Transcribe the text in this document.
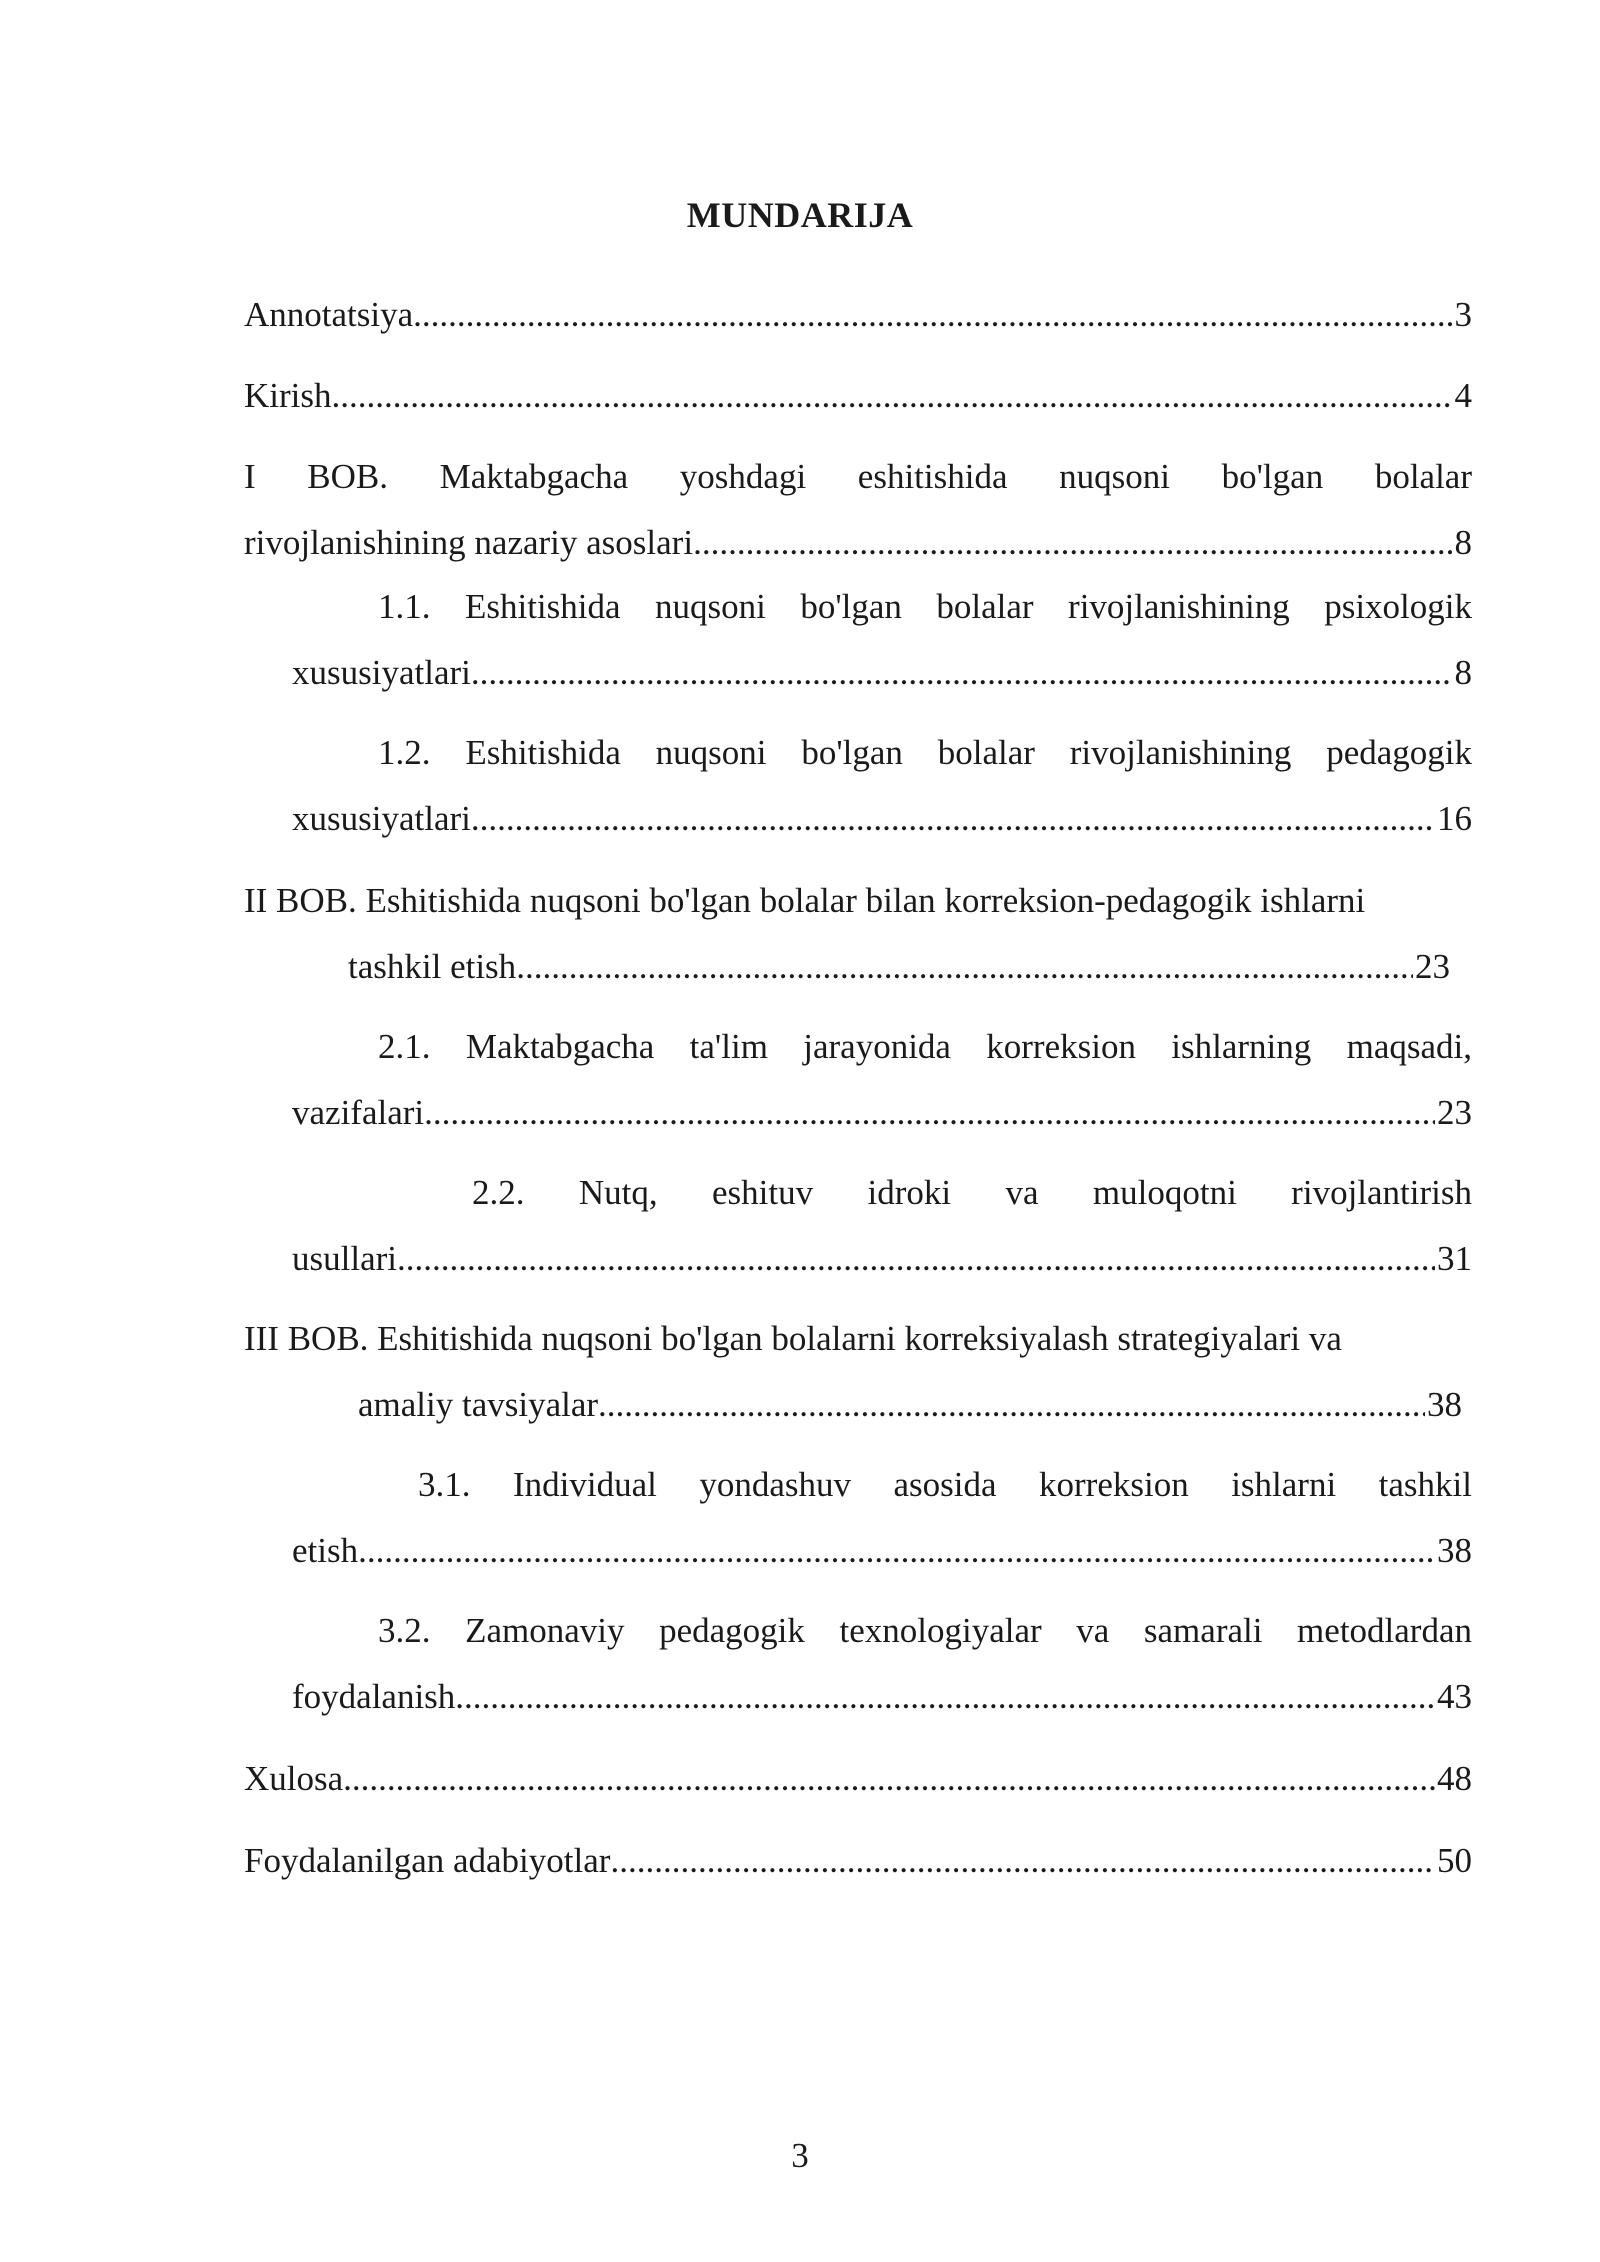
MUNDARIJA
Annotatsiya .....	3
Kirish .....	4
I BOB. Maktabgacha yoshdagi eshitishida nuqsoni bo'lgan bolalar
rivojlanishining nazariy asoslari .....	8
1.1. Eshitishida nuqsoni bo'lgan bolalar rivojlanishining psixologik
xususiyatlari .....	8
1.2. Eshitishida nuqsoni bo'lgan bolalar rivojlanishining pedagogik
xususiyatlari .....	16
II BOB. Eshitishida nuqsoni bo'lgan bolalar bilan korreksion-pedagogik ishlarni
tashkil etish .....	23
2.1. Maktabgacha ta'lim jarayonida korreksion ishlarning maqsadi,
vazifalari .....	23
2.2. Nutq, eshituv idroki va muloqotni rivojlantirish
usullari .....	31
III BOB. Eshitishida nuqsoni bo'lgan bolalarni korreksiyalash strategiyalari va
amaliy tavsiyalar .....	38
3.1. Individual yondashuv asosida korreksion ishlarni tashkil
etish .....	38
3.2. Zamonaviy pedagogik texnologiyalar va samarali metodlardan
foydalanish .....	43
Xulosa .....	48
Foydalanilgan adabiyotlar .....	50
3
